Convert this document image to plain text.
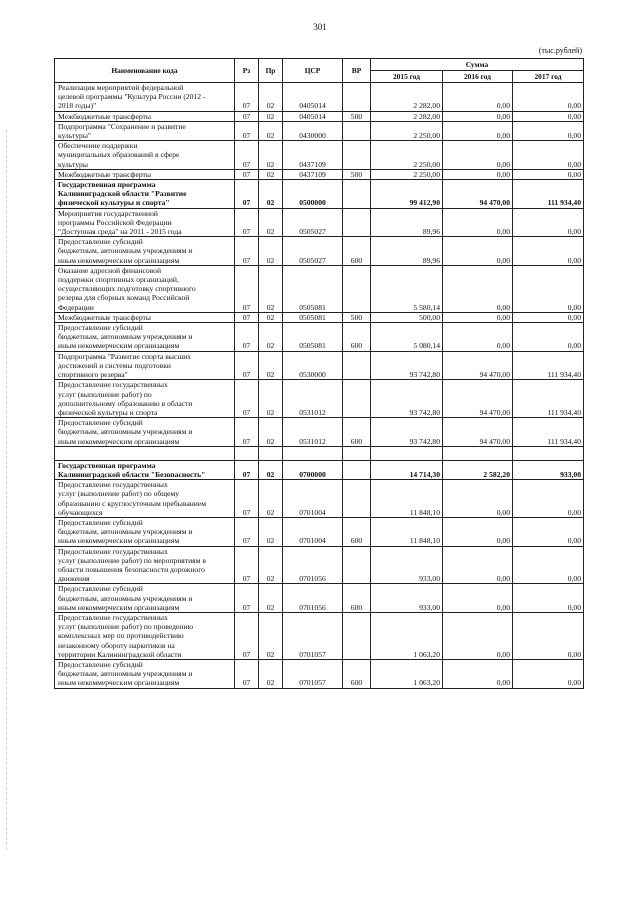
301
(тыс.рублей)
Наименование кода	Рз	Пр	ЦСР	ВР	Сумма		
					2015 год	2016 год	2017 год
Реализация мероприятий федеральной
целевой программы "Культура России (2012 -
2018 годы)"	07	02	0405014		2 282,00	0,00	0,00
Межбюджетные трансферты	07	02	0405014	500	2 282,00	0,00	0,00
Подпрограмма "Сохранение и развитие
культуры"	07	02	0430000		2 250,00	0,00	0,00
Обеспечение поддержки
муниципальных образований в сфере
культуры	07	02	0437109		2 250,00	0,00	0,00
Межбюджетные трансферты	07	02	0437109	500	2 250,00	0,00	0,00
Государственная программа
Калининградской области "Развитие
физической культуры и спорта"	07	02	0500000		99 412,90	94 470,00	111 934,40
Мероприятия государственной
программы Российской Федерации
"Доступная среда" на 2011 - 2015 года	07	02	0505027		89,96	0,00	0,00
Предоставление субсидий
бюджетным, автономным учреждениям и
иным некоммерческим организациям	07	02	0505027	600	89,96	0,00	0,00
Оказание адресной финансовой
поддержки спортивных организаций,
осуществляющих подготовку спортивного
резерва для сборных команд Российской
Федерации	07	02	0505081		5 580,14	0,00	0,00
Межбюджетные трансферты	07	02	0505081	500	500,00	0,00	0,00
Предоставление субсидий
бюджетным, автономным учреждениям и
иным некоммерческим организациям	07	02	0505081	600	5 080,14	0,00	0,00
Подпрограмма "Развитие спорта высших
достижений и системы подготовки
спортивного резерва"	07	02	0530000		93 742,80	94 470,00	111 934,40
Предоставление государственных
услуг (выполнение работ) по
дополнительному образованию в области
физической культуры и спорта	07	02	0531012		93 742,80	94 470,00	111 934,40
Предоставление субсидий
бюджетным, автономным учреждениям и
иным некоммерческим организациям	07	02	0531012	600	93 742,80	94 470,00	111 934,40

Государственная программа
Калининградской области "Безопасность"	07	02	0700000		14 714,30	2 582,20	933,00
Предоставление государственных
услуг (выполнение работ) по общему
образованию с круглосуточным пребыванием
обучающихся	07	02	0701004		11 848,10	0,00	0,00
Предоставление субсидий
бюджетным, автономным учреждениям и
иным некоммерческим организациям	07	02	0701004	600	11 848,10	0,00	0,00
Предоставление государственных
услуг (выполнение работ) по мероприятиям в
области повышения безопасности дорожного
движения	07	02	0701056		933,00	0,00	0,00
Предоставление субсидий
бюджетным, автономным учреждениям и
иным некоммерческим организациям	07	02	0701056	600	933,00	0,00	0,00
Предоставление государственных
услуг (выполнение работ) по проведению
комплексных мер по противодействию
незаконному обороту наркотиков на
территории Калининградской области	07	02	0701057		1 063,20	0,00	0,00
Предоставление субсидий
бюджетным, автономным учреждениям и
иным некоммерческим организациям	07	02	0701057	600	1 063,20	0,00	0,00
